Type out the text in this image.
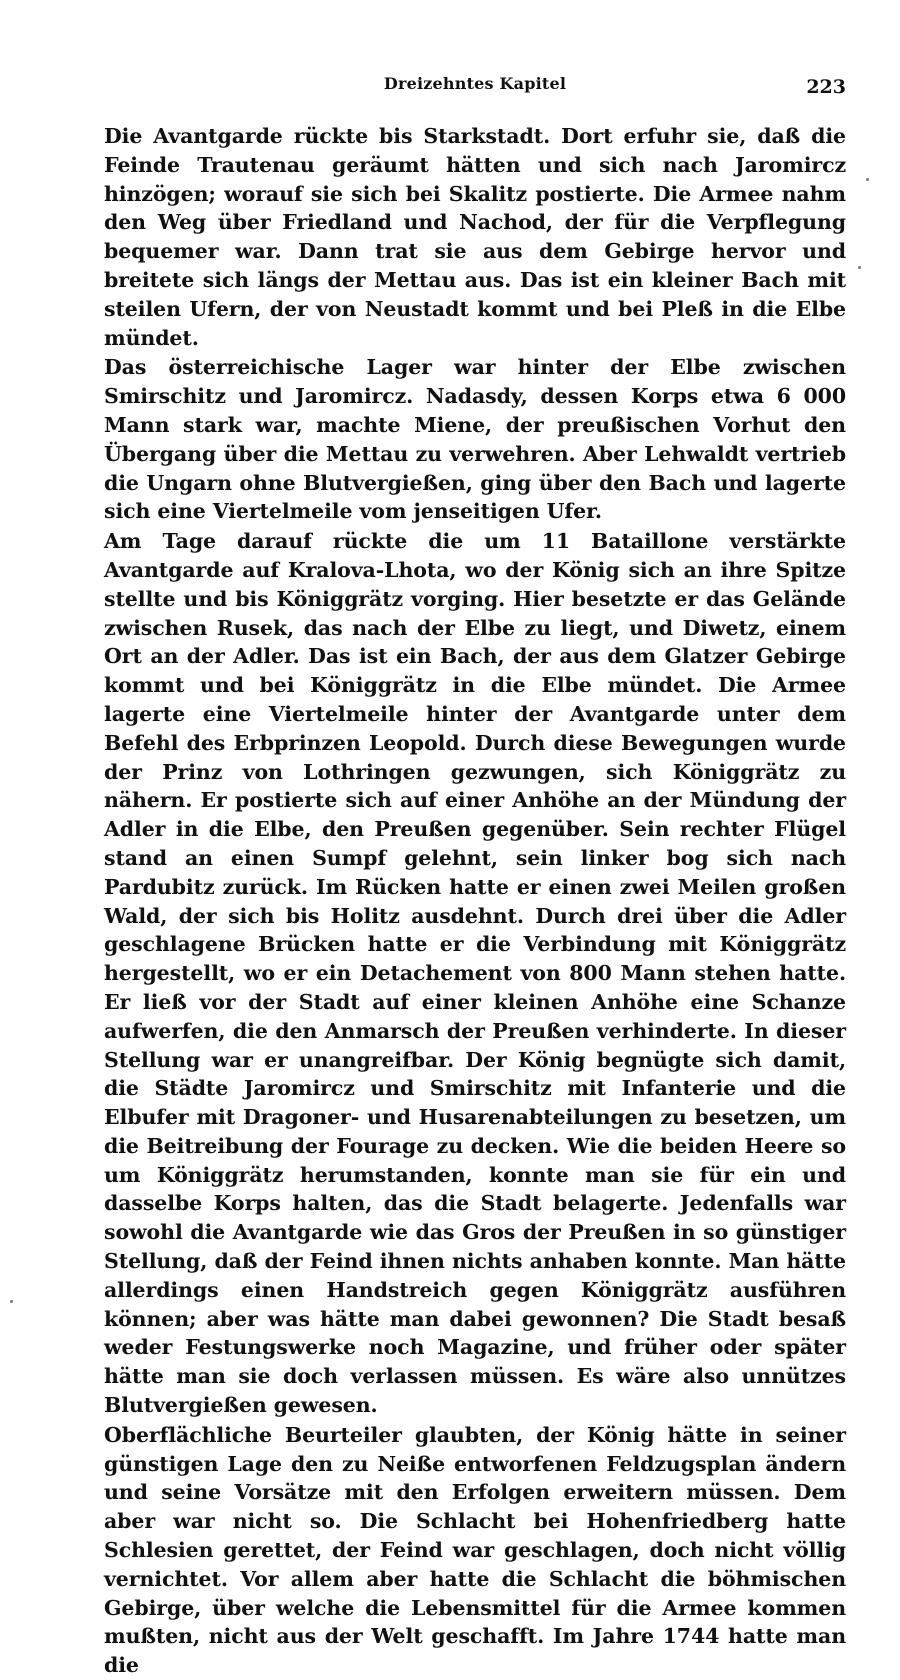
Dreizehntes Kapitel	223

Die Avantgarde rückte bis Starkstadt. Dort erfuhr sie, daß die Feinde Trautenau geräumt hätten und sich nach Jaromircz hinzögen; worauf sie sich bei Skalitz postierte. Die Armee nahm den Weg über Friedland und Nachod, der für die Verpflegung bequemer war. Dann trat sie aus dem Gebirge hervor und breitete sich längs der Mettau aus. Das ist ein kleiner Bach mit steilen Ufern, der von Neustadt kommt und bei Pleß in die Elbe mündet.

Das österreichische Lager war hinter der Elbe zwischen Smirschitz und Jaromircz. Nadasdy, dessen Korps etwa 6 000 Mann stark war, machte Miene, der preußischen Vorhut den Übergang über die Mettau zu verwehren. Aber Lehwaldt vertrieb die Ungarn ohne Blutvergießen, ging über den Bach und lagerte sich eine Viertelmeile vom jenseitigen Ufer.

Am Tage darauf rückte die um 11 Bataillone verstärkte Avantgarde auf Kralova-Lhota, wo der König sich an ihre Spitze stellte und bis Königgrätz vorging. Hier besetzte er das Gelände zwischen Rusek, das nach der Elbe zu liegt, und Diwetz, einem Ort an der Adler. Das ist ein Bach, der aus dem Glatzer Gebirge kommt und bei Königgrätz in die Elbe mündet. Die Armee lagerte eine Viertelmeile hinter der Avantgarde unter dem Befehl des Erbprinzen Leopold. Durch diese Bewegungen wurde der Prinz von Lothringen gezwungen, sich Königgrätz zu nähern. Er postierte sich auf einer Anhöhe an der Mündung der Adler in die Elbe, den Preußen gegenüber. Sein rechter Flügel stand an einen Sumpf gelehnt, sein linker bog sich nach Pardubitz zurück. Im Rücken hatte er einen zwei Meilen großen Wald, der sich bis Holitz ausdehnt. Durch drei über die Adler geschlagene Brücken hatte er die Verbindung mit Königgrätz hergestellt, wo er ein Detachement von 800 Mann stehen hatte. Er ließ vor der Stadt auf einer kleinen Anhöhe eine Schanze aufwerfen, die den Anmarsch der Preußen verhinderte. In dieser Stellung war er unangreifbar. Der König begnügte sich damit, die Städte Jaromircz und Smirschitz mit Infanterie und die Elbufer mit Dragoner- und Husarenabteilungen zu besetzen, um die Beitreibung der Fourage zu decken. Wie die beiden Heere so um Königgrätz herumstanden, konnte man sie für ein und dasselbe Korps halten, das die Stadt belagerte. Jedenfalls war sowohl die Avantgarde wie das Gros der Preußen in so günstiger Stellung, daß der Feind ihnen nichts anhaben konnte. Man hätte allerdings einen Handstreich gegen Königgrätz ausführen können; aber was hätte man dabei gewonnen? Die Stadt besaß weder Festungswerke noch Magazine, und früher oder später hätte man sie doch verlassen müssen. Es wäre also unnützes Blutvergießen gewesen.

Oberflächliche Beurteiler glaubten, der König hätte in seiner günstigen Lage den zu Neiße entworfenen Feldzugsplan ändern und seine Vorsätze mit den Erfolgen erweitern müssen. Dem aber war nicht so. Die Schlacht bei Hohenfriedberg hatte Schlesien gerettet, der Feind war geschlagen, doch nicht völlig vernichtet. Vor allem aber hatte die Schlacht die böhmischen Gebirge, über welche die Lebensmittel für die Armee kommen mußten, nicht aus der Welt geschafft. Im Jahre 1744 hatte man die
